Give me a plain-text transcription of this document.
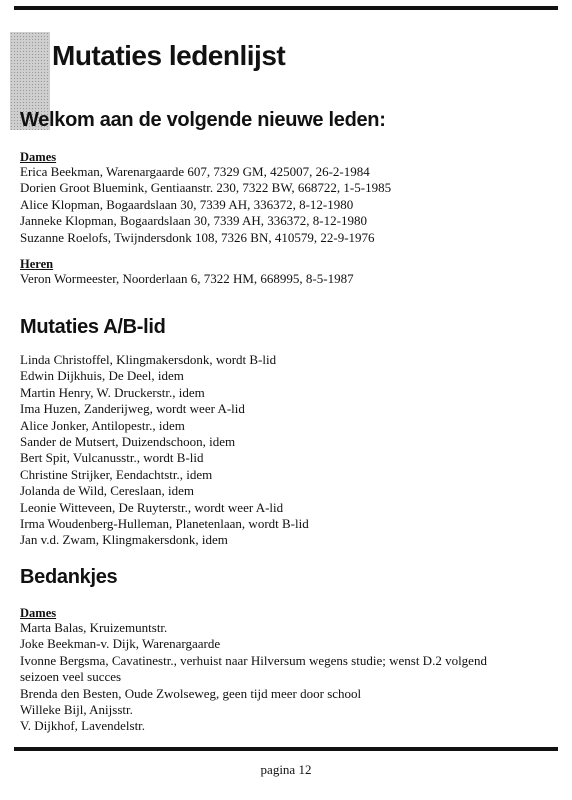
Mutaties ledenlijst
Welkom aan de volgende nieuwe leden:
Dames
Erica Beekman, Warenargaarde 607, 7329 GM, 425007, 26-2-1984
Dorien Groot Bluemink, Gentiaanstr. 230, 7322 BW, 668722, 1-5-1985
Alice Klopman, Bogaardslaan 30, 7339 AH, 336372, 8-12-1980
Janneke Klopman, Bogaardslaan 30, 7339 AH, 336372, 8-12-1980
Suzanne Roelofs, Twijndersdonk 108, 7326 BN, 410579, 22-9-1976
Heren
Veron Wormeester, Noorderlaan 6, 7322 HM, 668995, 8-5-1987
Mutaties A/B-lid
Linda Christoffel, Klingmakersdonk, wordt B-lid
Edwin Dijkhuis, De Deel, idem
Martin Henry, W. Druckerstr., idem
Ima Huzen, Zanderijweg, wordt weer A-lid
Alice Jonker, Antilopestr., idem
Sander de Mutsert, Duizendschoon, idem
Bert Spit, Vulcanusstr., wordt B-lid
Christine Strijker, Eendachtstr., idem
Jolanda de Wild, Cereslaan, idem
Leonie Witteveen, De Ruyterstr., wordt weer A-lid
Irma Woudenberg-Hulleman, Planetenlaan, wordt B-lid
Jan v.d. Zwam, Klingmakersdonk, idem
Bedankjes
Dames
Marta Balas, Kruizemuntstr.
Joke Beekman-v. Dijk, Warenargaarde
Ivonne Bergsma, Cavatinestr., verhuist naar Hilversum wegens studie; wenst D.2 volgend seizoen veel succes
Brenda den Besten, Oude Zwolseweg, geen tijd meer door school
Willeke Bijl, Anijsstr.
V. Dijkhof, Lavendelstr.
pagina 12
